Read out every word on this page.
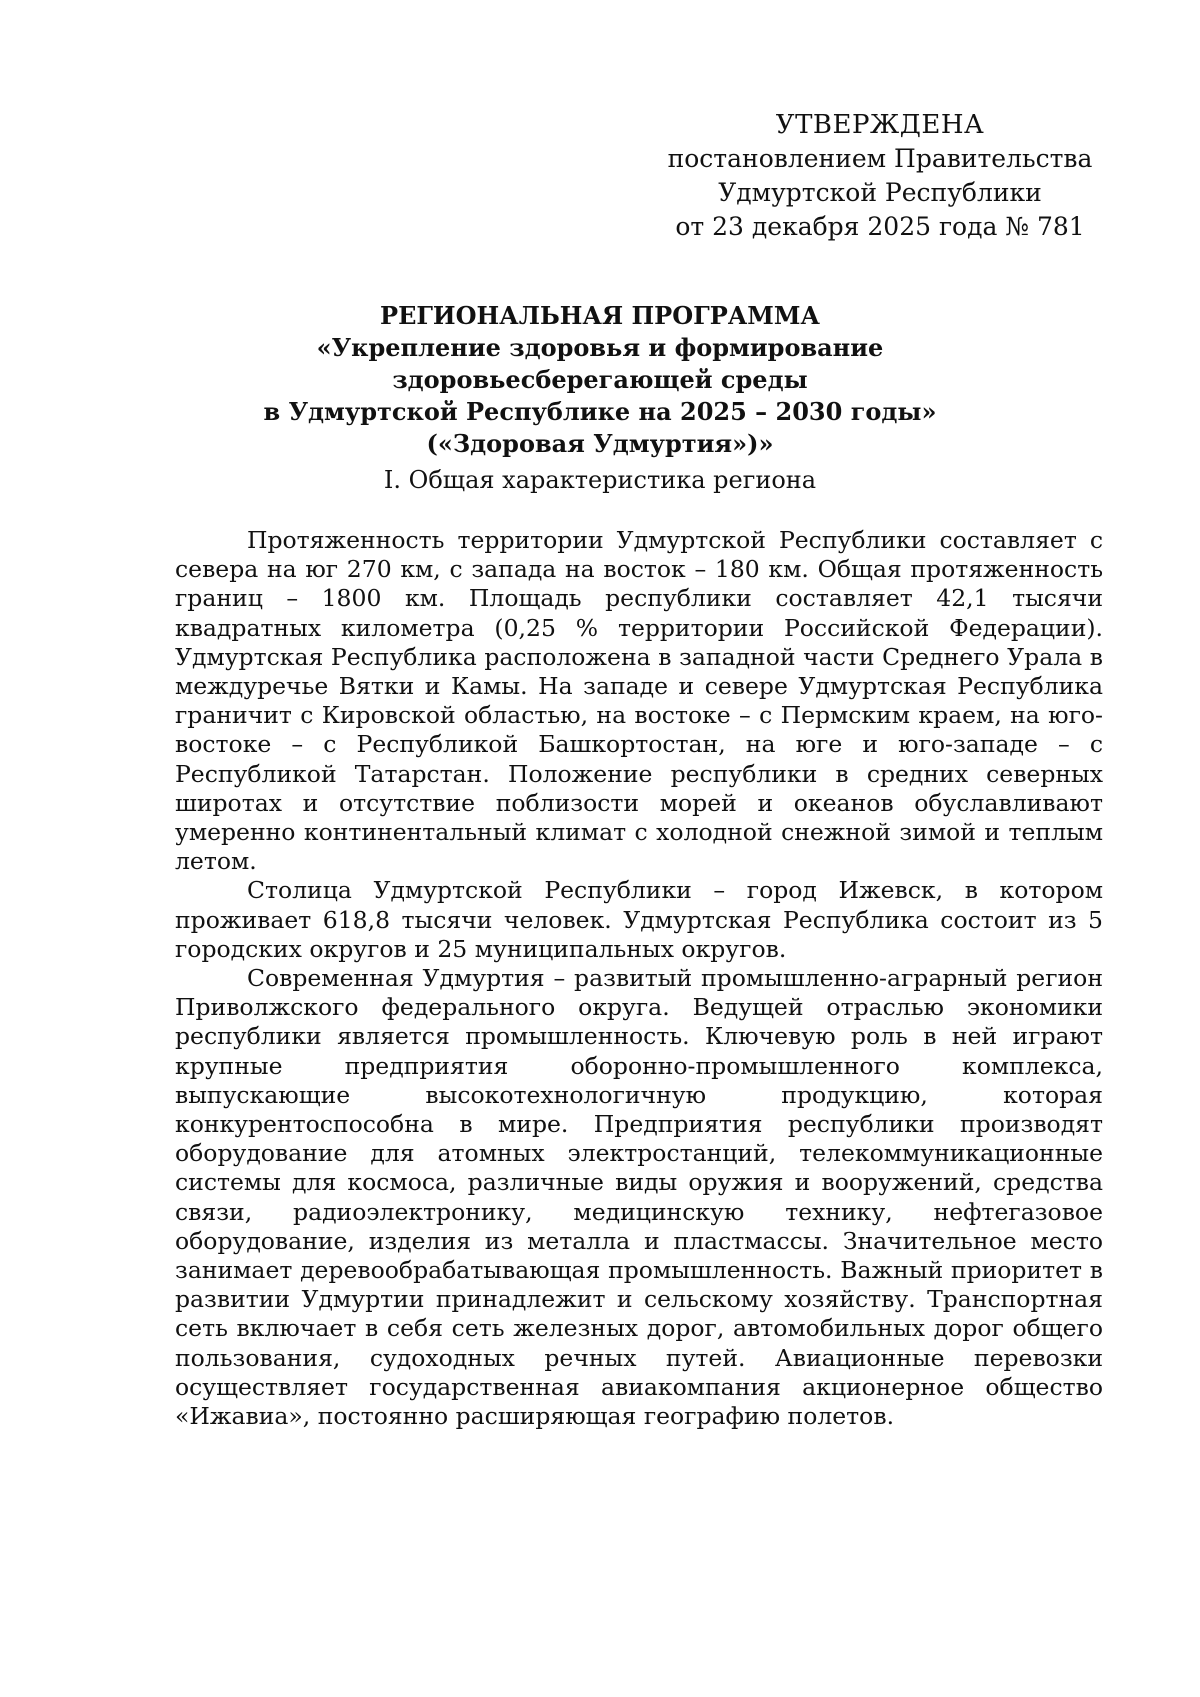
УТВЕРЖДЕНА
постановлением Правительства
Удмуртской Республики
от 23 декабря 2025 года № 781
РЕГИОНАЛЬНАЯ ПРОГРАММА
«Укрепление здоровья и формирование здоровьесберегающей среды
в Удмуртской Республике на 2025 – 2030 годы»
(«Здоровая Удмуртия»)»
I. Общая характеристика региона

Протяженность территории Удмуртской Республики составляет с севера на юг 270 км, с запада на восток – 180 км. Общая протяженность границ – 1800 км. Площадь республики составляет 42,1 тысячи квадратных километра (0,25 % территории Российской Федерации). Удмуртская Республика расположена в западной части Среднего Урала в междуречье Вятки и Камы. На западе и севере Удмуртская Республика граничит с Кировской областью, на востоке – с Пермским краем, на юго-востоке – с Республикой Башкортостан, на юге и юго-западе – с Республикой Татарстан. Положение республики в средних северных широтах и отсутствие поблизости морей и океанов обуславливают умеренно континентальный климат с холодной снежной зимой и теплым летом.

Столица Удмуртской Республики – город Ижевск, в котором проживает 618,8 тысячи человек. Удмуртская Республика состоит из 5 городских округов и 25 муниципальных округов.

Современная Удмуртия – развитый промышленно-аграрный регион Приволжского федерального округа. Ведущей отраслью экономики республики является промышленность. Ключевую роль в ней играют крупные предприятия оборонно-промышленного комплекса, выпускающие высокотехнологичную продукцию, которая конкурентоспособна в мире. Предприятия республики производят оборудование для атомных электростанций, телекоммуникационные системы для космоса, различные виды оружия и вооружений, средства связи, радиоэлектронику, медицинскую технику, нефтегазовое оборудование, изделия из металла и пластмассы. Значительное место занимает деревообрабатывающая промышленность. Важный приоритет в развитии Удмуртии принадлежит и сельскому хозяйству. Транспортная сеть включает в себя сеть железных дорог, автомобильных дорог общего пользования, судоходных речных путей. Авиационные перевозки осуществляет государственная авиакомпания акционерное общество «Ижавиа», постоянно расширяющая географию полетов.
